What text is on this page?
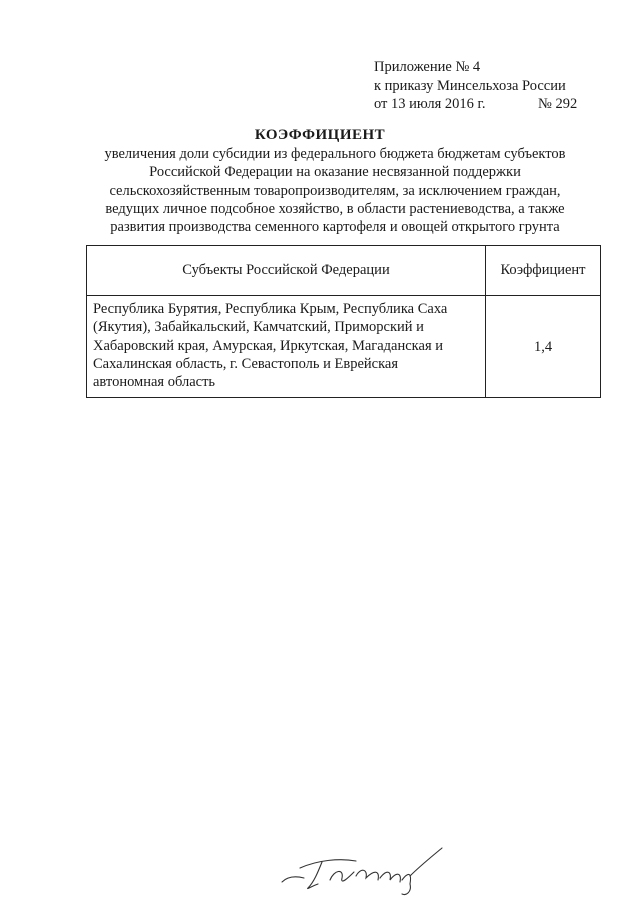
Приложение № 4
к приказу Минсельхоза России
от 13 июля 2016 г.	№ 292
КОЭФФИЦИЕНТ
увеличения доли субсидии из федерального бюджета бюджетам субъектов
Российской Федерации на оказание несвязанной поддержки
сельскохозяйственным товаропроизводителям, за исключением граждан,
ведущих личное подсобное хозяйство, в области растениеводства, а также
развития производства семенного картофеля и овощей открытого грунта
Субъекты Российской Федерации	Коэффициент

Республика Бурятия, Республика Крым, Республика Саха
(Якутия), Забайкальский, Камчатский, Приморский и
Хабаровский края, Амурская, Иркутская, Магаданская и
Сахалинская область, г. Севастополь и Еврейская
автономная область	1,4
